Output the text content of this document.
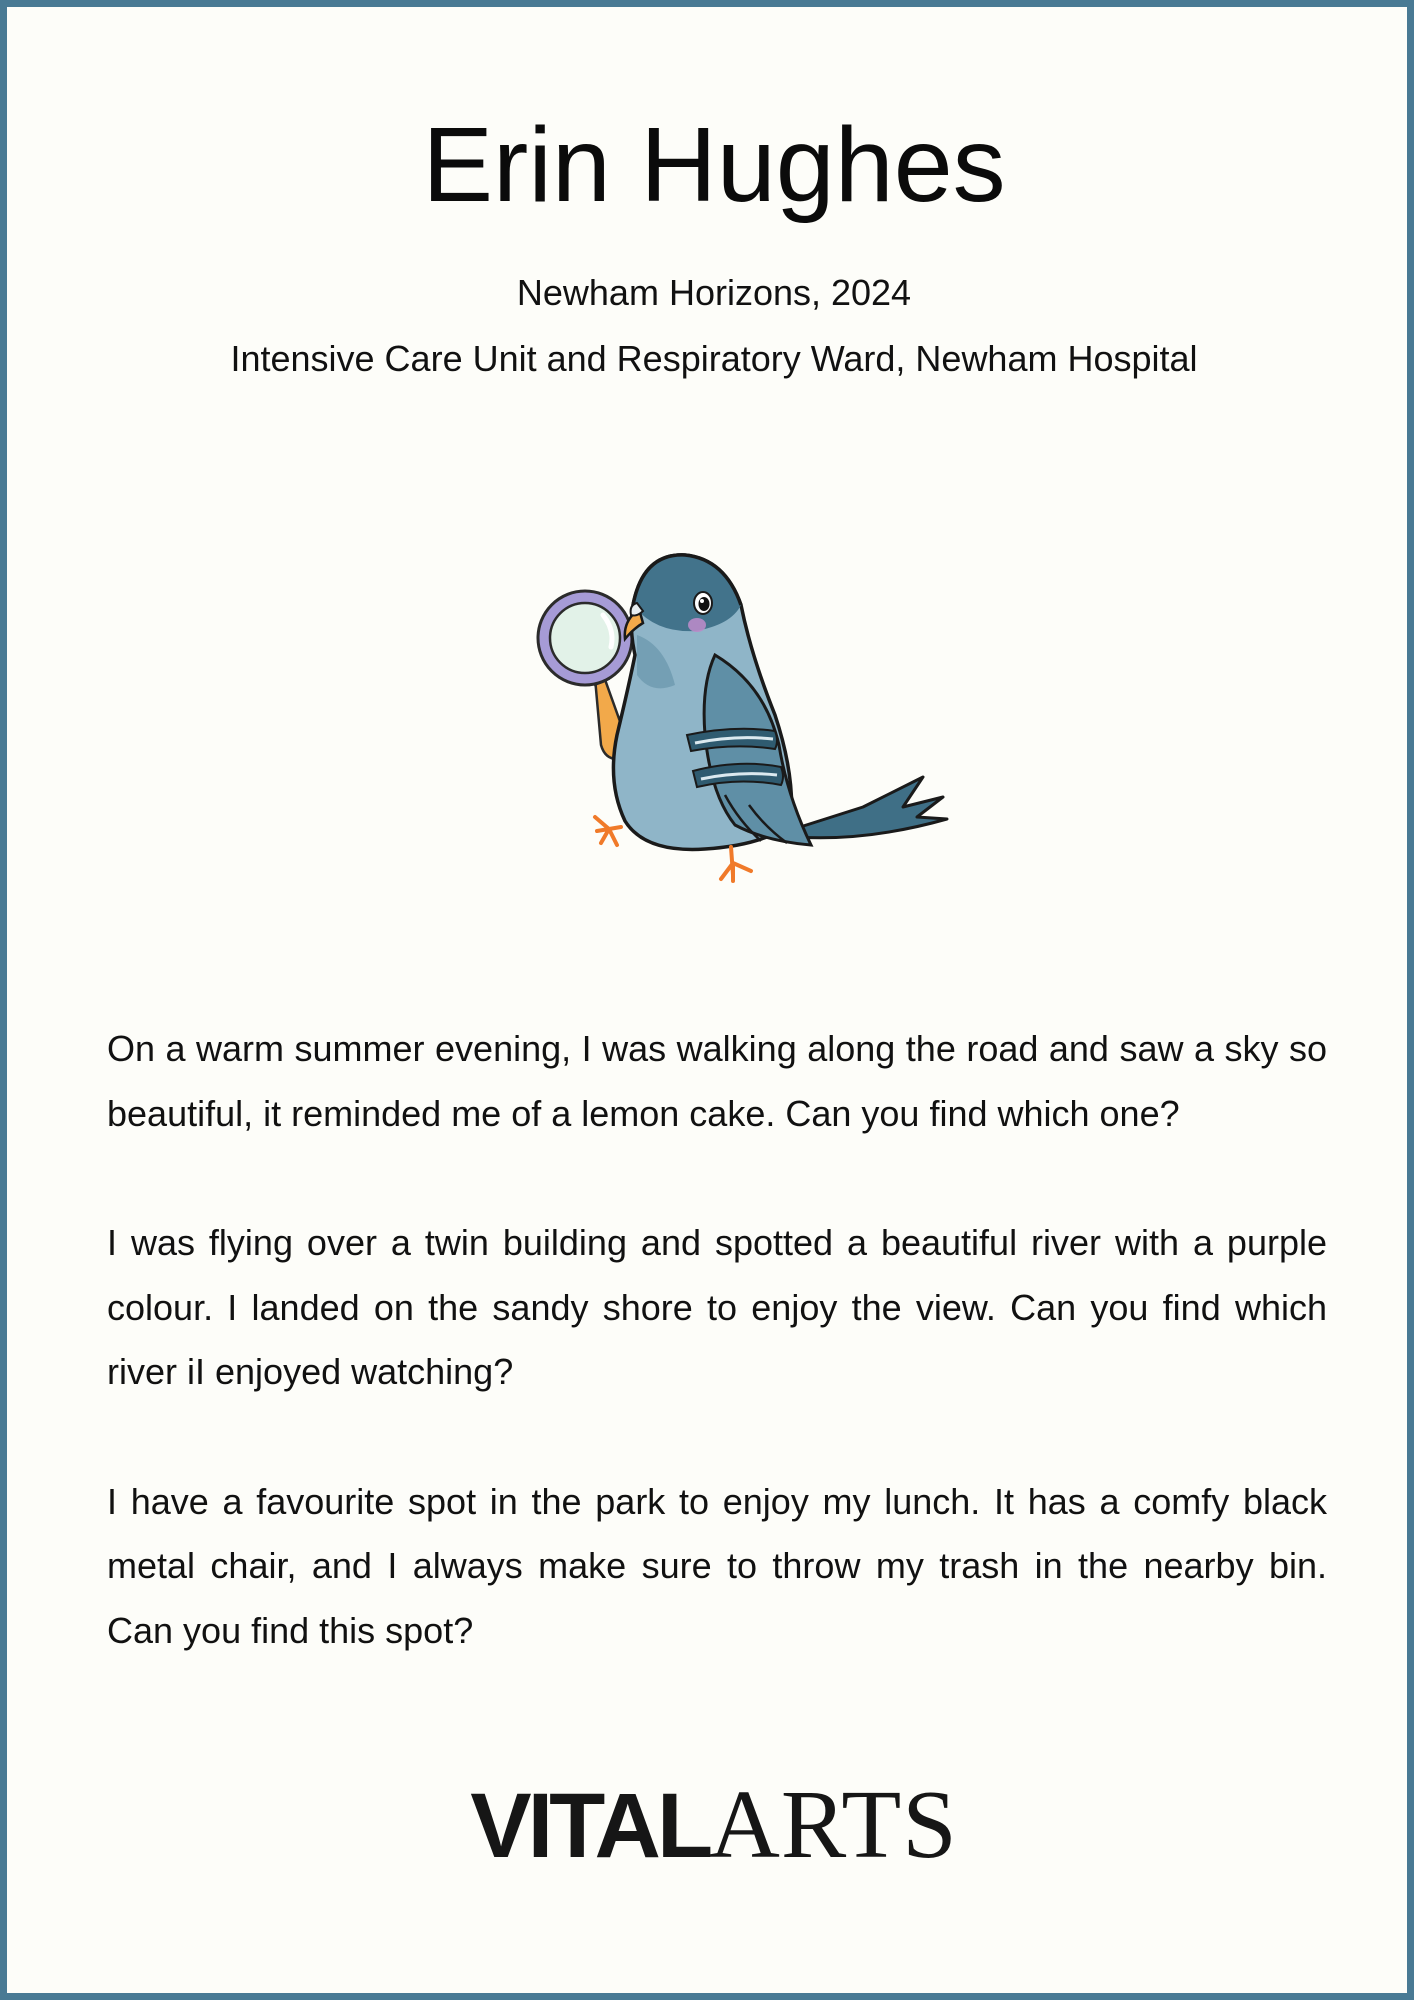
Erin Hughes
Newham Horizons, 2024
Intensive Care Unit and Respiratory Ward, Newham Hospital

On a warm summer evening, I was walking along the road and saw a sky so beautiful, it reminded me of a lemon cake. Can you find which one?

I was flying over a twin building and spotted a beautiful river with a purple colour. I landed on the sandy shore to enjoy the view. Can you find which river iI enjoyed watching?

I have a favourite spot in the park to enjoy my lunch. It has a comfy black metal chair, and I always make sure to throw my trash in the nearby bin. Can you find this spot?

VITALARTS
